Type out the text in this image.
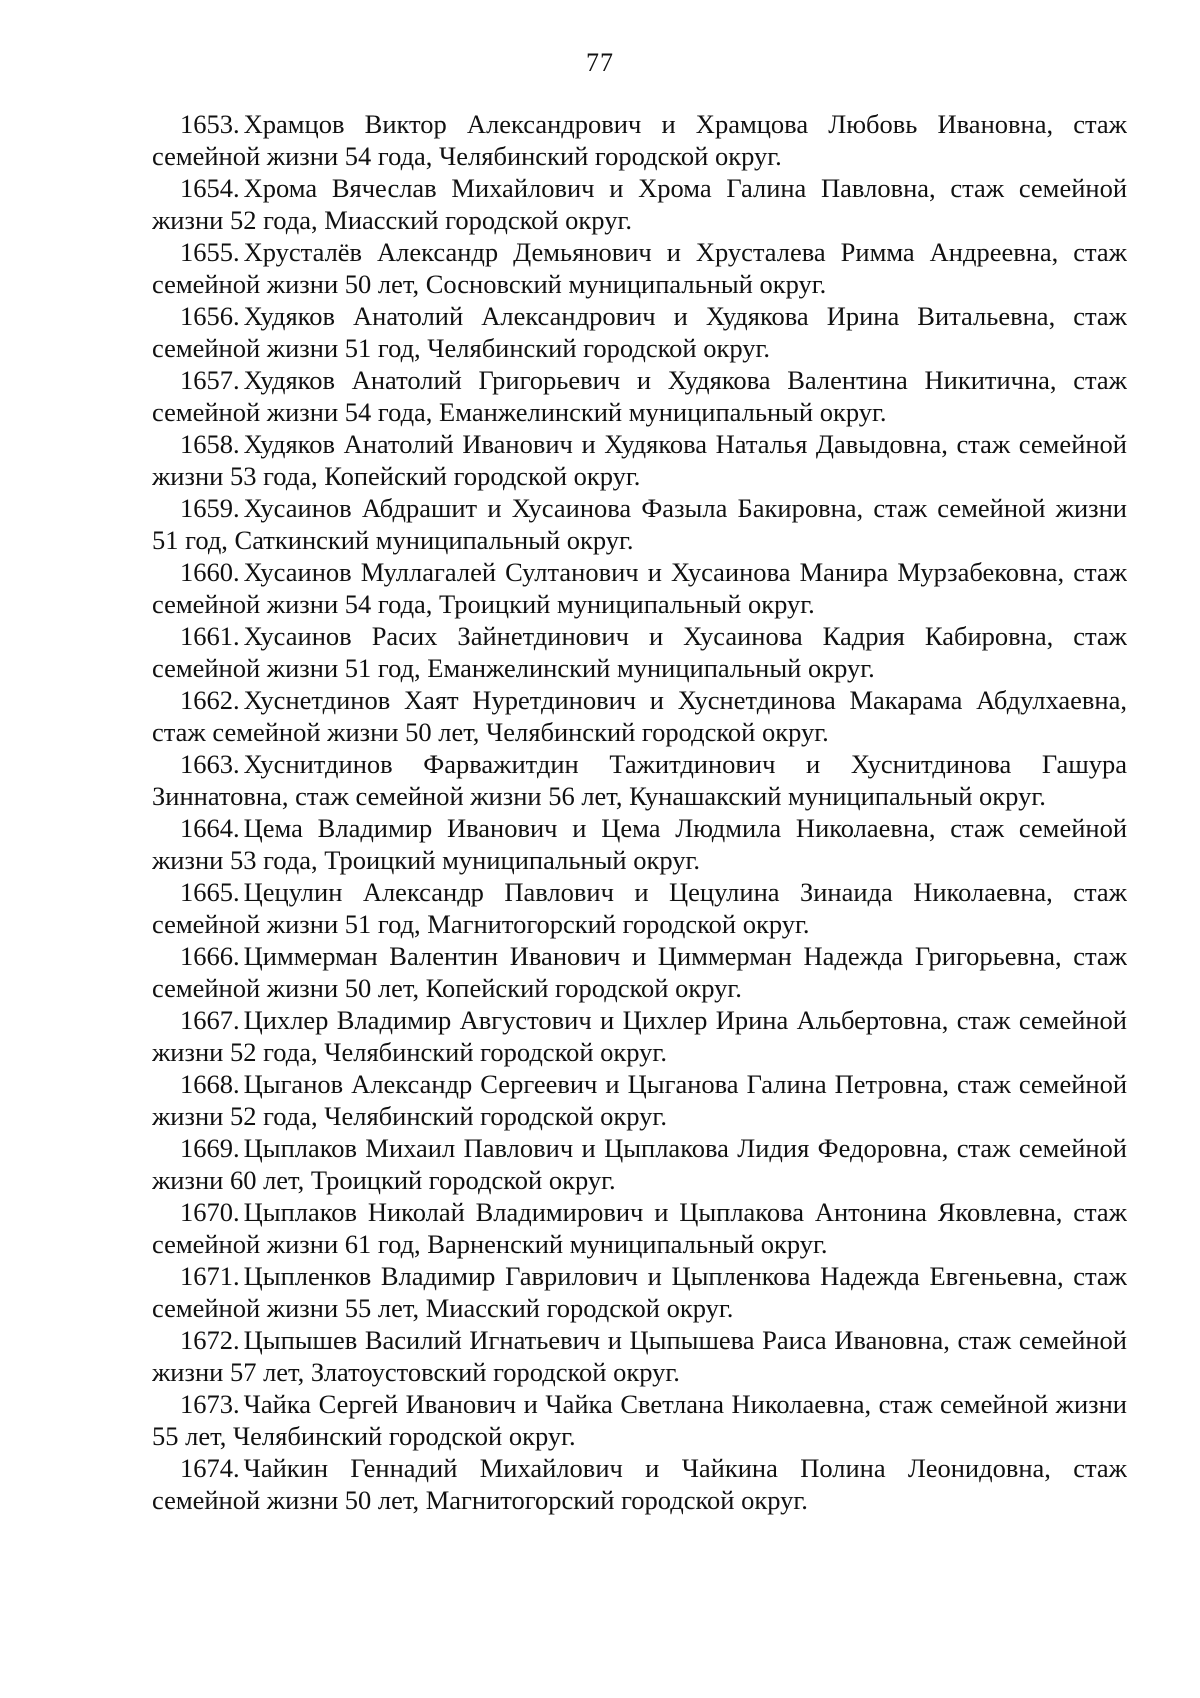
77

1653. Храмцов Виктор Александрович и Храмцова Любовь Ивановна, стаж семейной жизни 54 года, Челябинский городской округ.

1654. Хрома Вячеслав Михайлович и Хрома Галина Павловна, стаж семейной жизни 52 года, Миасский городской округ.

1655. Хрусталёв Александр Демьянович и Хрусталева Римма Андреевна, стаж семейной жизни 50 лет, Сосновский муниципальный округ.

1656. Худяков Анатолий Александрович и Худякова Ирина Витальевна, стаж семейной жизни 51 год, Челябинский городской округ.

1657. Худяков Анатолий Григорьевич и Худякова Валентина Никитична, стаж семейной жизни 54 года, Еманжелинский муниципальный округ.

1658. Худяков Анатолий Иванович и Худякова Наталья Давыдовна, стаж семейной жизни 53 года, Копейский городской округ.

1659. Хусаинов Абдрашит и Хусаинова Фазыла Бакировна, стаж семейной жизни 51 год, Саткинский муниципальный округ.

1660. Хусаинов Муллагалей Султанович и Хусаинова Манира Мурзабековна, стаж семейной жизни 54 года, Троицкий муниципальный округ.

1661. Хусаинов Расих Зайнетдинович и Хусаинова Кадрия Кабировна, стаж семейной жизни 51 год, Еманжелинский муниципальный округ.

1662. Хуснетдинов Хаят Нуретдинович и Хуснетдинова Макарама Абдулхаевна, стаж семейной жизни 50 лет, Челябинский городской округ.

1663. Хуснитдинов Фарважитдин Тажитдинович и Хуснитдинова Гашура Зиннатовна, стаж семейной жизни 56 лет, Кунашакский муниципальный округ.

1664. Цема Владимир Иванович и Цема Людмила Николаевна, стаж семейной жизни 53 года, Троицкий муниципальный округ.

1665. Цецулин Александр Павлович и Цецулина Зинаида Николаевна, стаж семейной жизни 51 год, Магнитогорский городской округ.

1666. Циммерман Валентин Иванович и Циммерман Надежда Григорьевна, стаж семейной жизни 50 лет, Копейский городской округ.

1667. Цихлер Владимир Августович и Цихлер Ирина Альбертовна, стаж семейной жизни 52 года, Челябинский городской округ.

1668. Цыганов Александр Сергеевич и Цыганова Галина Петровна, стаж семейной жизни 52 года, Челябинский городской округ.

1669. Цыплаков Михаил Павлович и Цыплакова Лидия Федоровна, стаж семейной жизни 60 лет, Троицкий городской округ.

1670. Цыплаков Николай Владимирович и Цыплакова Антонина Яковлевна, стаж семейной жизни 61 год, Варненский муниципальный округ.

1671. Цыпленков Владимир Гаврилович и Цыпленкова Надежда Евгеньевна, стаж семейной жизни 55 лет, Миасский городской округ.

1672. Цыпышев Василий Игнатьевич и Цыпышева Раиса Ивановна, стаж семейной жизни 57 лет, Златоустовский городской округ.

1673. Чайка Сергей Иванович и Чайка Светлана Николаевна, стаж семейной жизни 55 лет, Челябинский городской округ.

1674. Чайкин Геннадий Михайлович и Чайкина Полина Леонидовна, стаж семейной жизни 50 лет, Магнитогорский городской округ.
